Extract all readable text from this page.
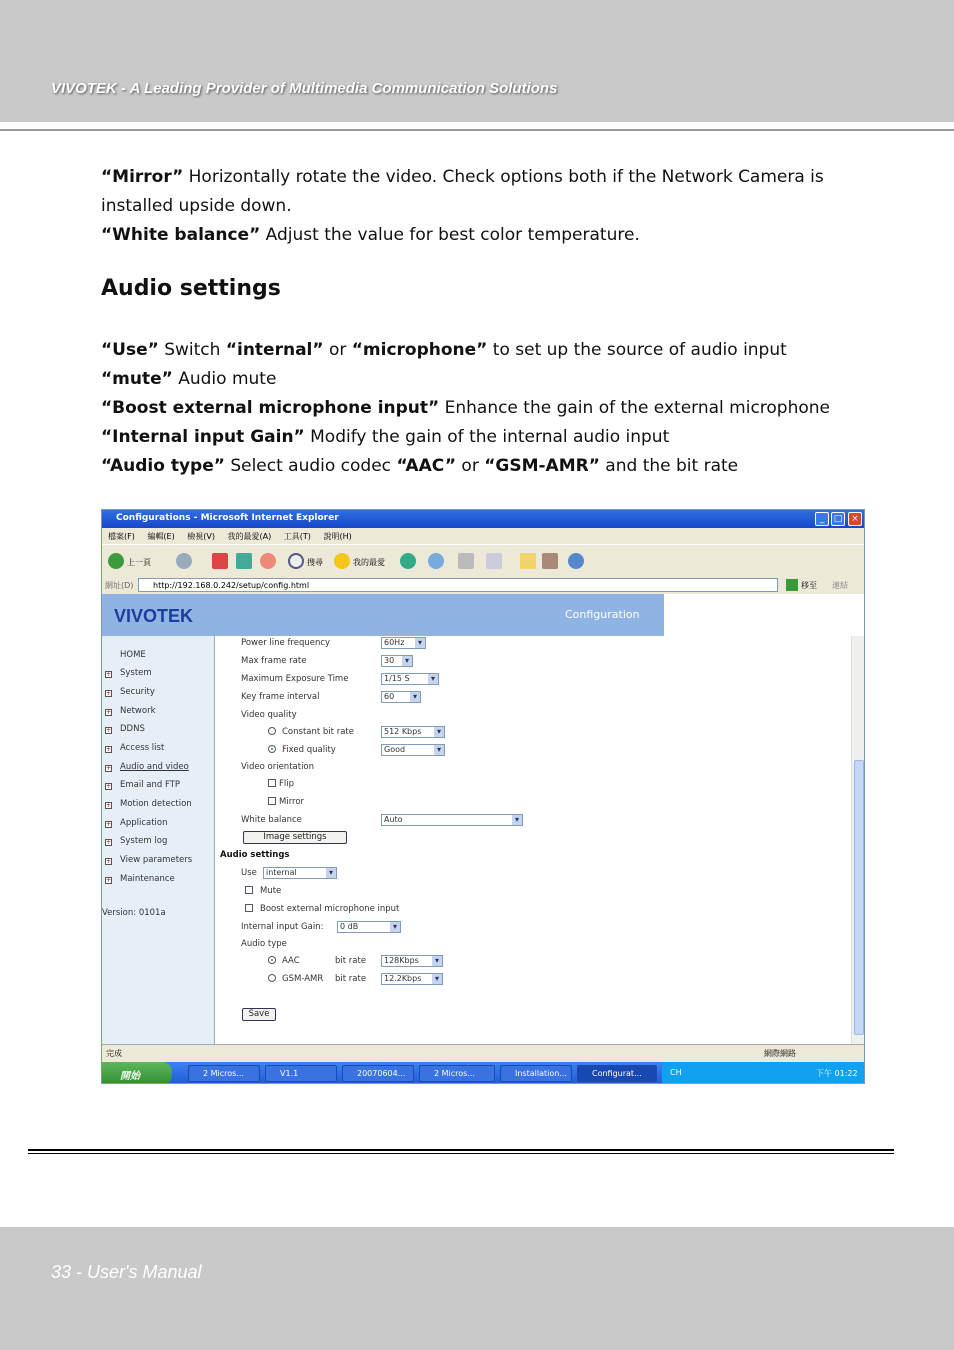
VIVOTEK - A Leading Provider of Multimedia Communication Solutions
“Mirror” Horizontally rotate the video. Check options both if the Network Camera is installed upside down.
“White balance” Adjust the value for best color temperature.
Audio settings
“Use” Switch “internal” or “microphone” to set up the source of audio input
“mute” Audio mute
“Boost external microphone input” Enhance the gain of the external microphone
“Internal input Gain” Modify the gain of the internal audio input
“Audio type” Select audio codec “AAC” or “GSM-AMR” and the bit rate
Configurations - Microsoft Internet Explorer	_	□ ×
檔案(F) 編輯(E) 檢視(V) 我的最愛(A) 工具(T) 說明(H)
上一頁	搜尋	我的最愛
網址(D)	http://192.168.0.242/setup/config.html	移至 連結
VIVOTEK	Configuration
HOME
+ System
+ Security
+ Network
+ DDNS
+ Access list
+ Audio and video
+ Email and FTP
+ Motion detection
+ Application
+ System log
+ View parameters
+ Maintenance
Version: 0101a
Power line frequency	60Hz ▾
Max frame rate	30 ▾
Maximum Exposure Time	1/15 S ▾
Key frame interval	60 ▾
Video quality
Constant bit rate	512 Kbps ▾
Fixed quality	Good ▾
Video orientation
Flip
Mirror
White balance	Auto ▾
Image settings
Audio settings
Use	internal ▾
Mute
Boost external microphone input
Internal input Gain:	0 dB ▾
Audio type
AAC	bit rate	128Kbps ▾
GSM-AMR bit rate	12.2Kbps ▾
Save
完成	網際網路
開始	2 Micros...	V1.1	20070604...	2 Micros...	Installation...	Configurat...	CH	下午 01:22
33 - User's Manual
